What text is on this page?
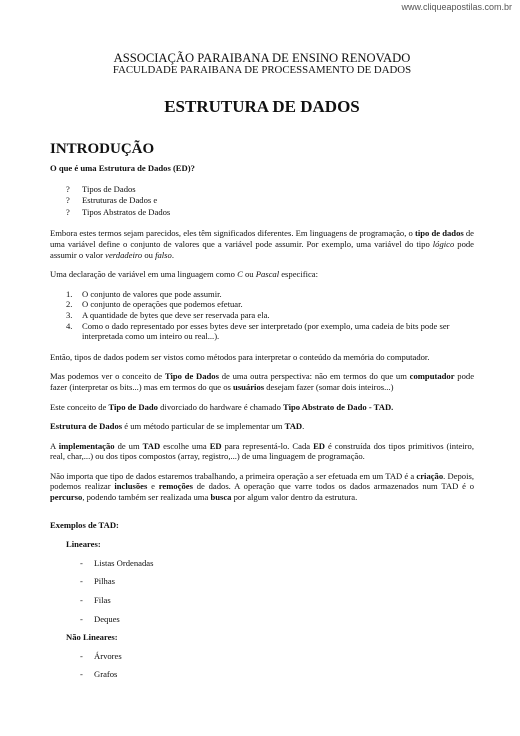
www.cliqueapostilas.com.br
ASSOCIAÇÃO PARAIBANA DE ENSINO RENOVADO
FACULDADE PARAIBANA DE PROCESSAMENTO DE DADOS
ESTRUTURA DE DADOS
INTRODUÇÃO

O que é uma Estrutura de Dados (ED)?

? Tipos de Dados
? Estruturas de Dados e
? Tipos Abstratos de Dados

Embora estes termos sejam parecidos, eles têm significados diferentes. Em linguagens de programação, o tipo de dados de uma variável define o conjunto de valores que a variável pode assumir. Por exemplo, uma variável do tipo lógico pode assumir o valor verdadeiro ou falso.

Uma declaração de variável em uma linguagem como C ou Pascal especifica:

1. O conjunto de valores que pode assumir.
2. O conjunto de operações que podemos efetuar.
3. A quantidade de bytes que deve ser reservada para ela.
4. Como o dado representado por esses bytes deve ser interpretado (por exemplo, uma cadeia de bits pode ser interpretada como um inteiro ou real...).

Então, tipos de dados podem ser vistos como métodos para interpretar o conteúdo da memória do computador.

Mas podemos ver o conceito de Tipo de Dados de uma outra perspectiva: não em termos do que um computador pode fazer (interpretar os bits...) mas em termos do que os usuários desejam fazer (somar dois inteiros...)

Este conceito de Tipo de Dado divorciado do hardware é chamado Tipo Abstrato de Dado - TAD.

Estrutura de Dados é um método particular de se implementar um TAD.

A implementação de um TAD escolhe uma ED para representá-lo. Cada ED é construída dos tipos primitivos (inteiro, real, char,...) ou dos tipos compostos (array, registro,...) de uma linguagem de programação.

Não importa que tipo de dados estaremos trabalhando, a primeira operação a ser efetuada em um TAD é a criação. Depois, podemos realizar inclusões e remoções de dados. A operação que varre todos os dados armazenados num TAD é o percurso, podendo também ser realizada uma busca por algum valor dentro da estrutura.

Exemplos de TAD:
Lineares:
- Listas Ordenadas
- Pilhas
- Filas
- Deques
Não Lineares:
- Árvores
- Grafos
